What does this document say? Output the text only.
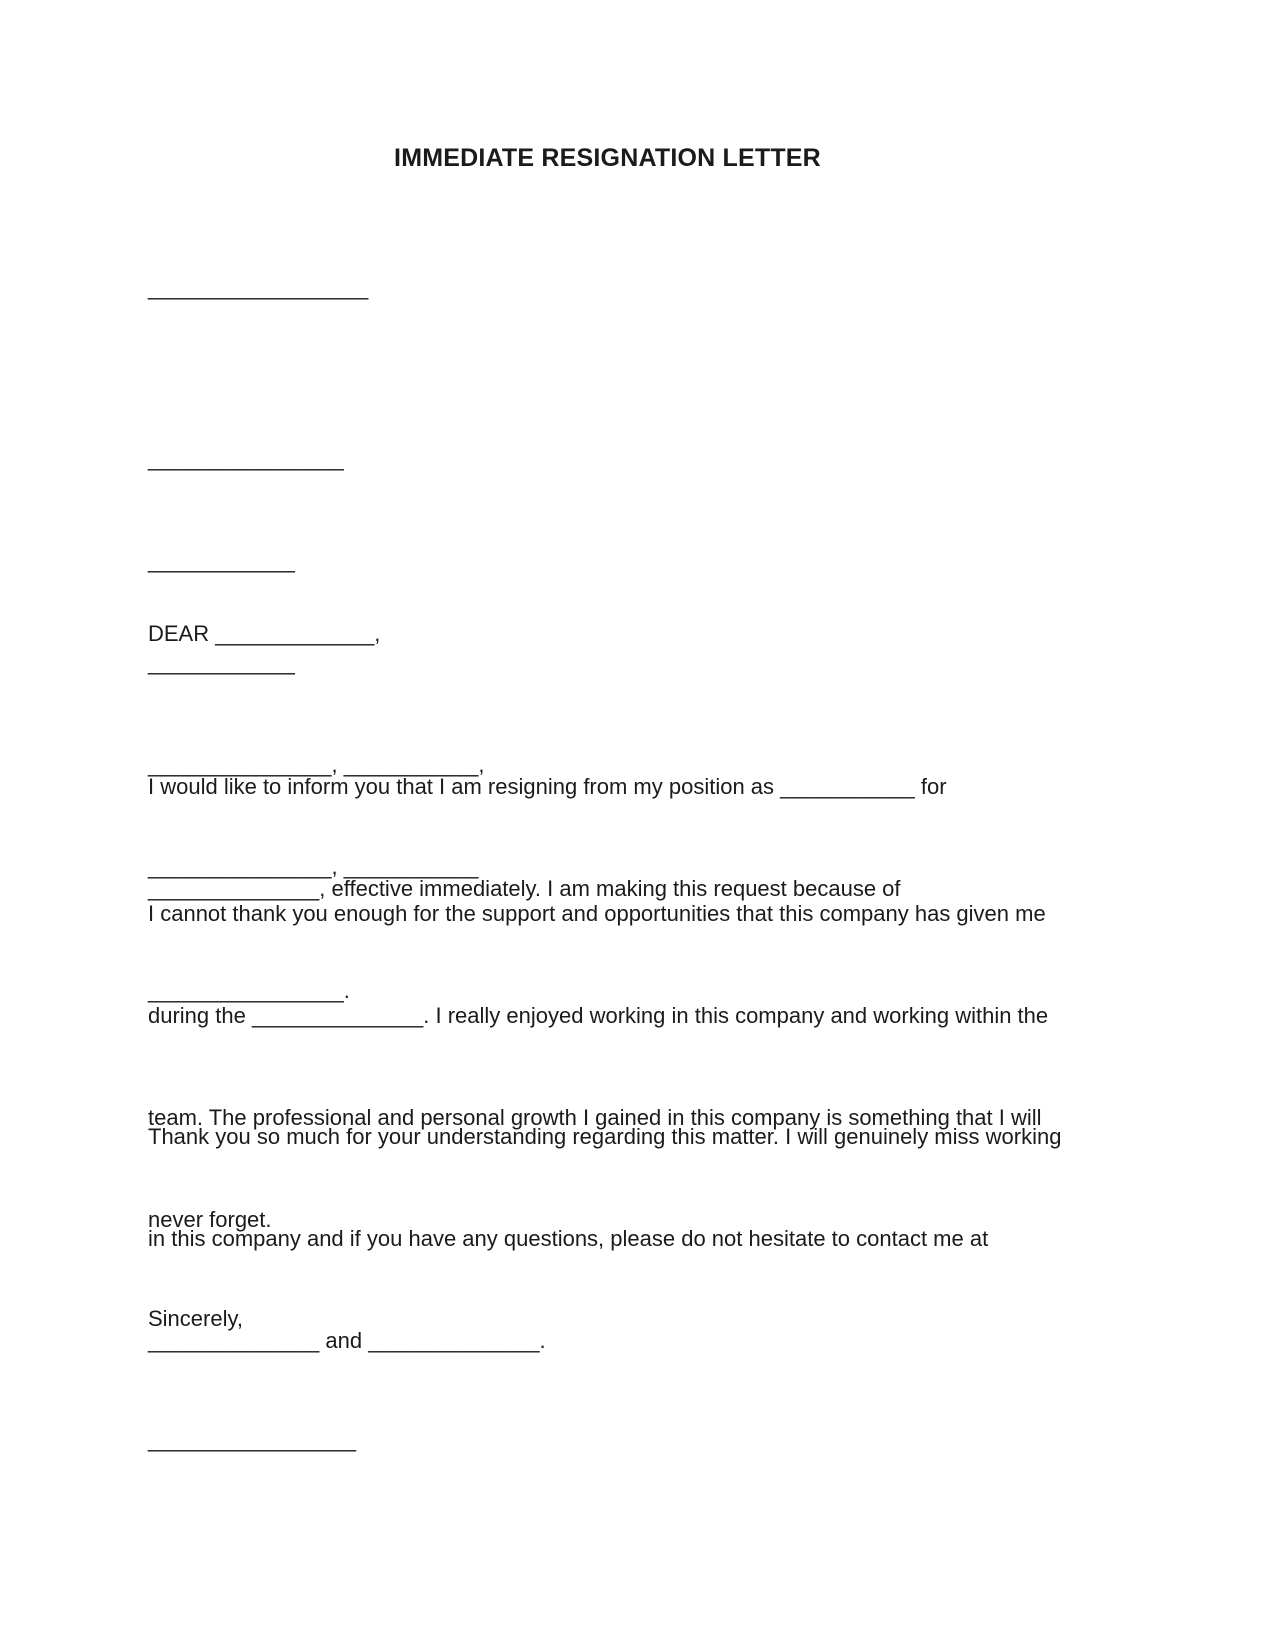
IMMEDIATE RESIGNATION LETTER
__________________

________________

____________

____________

_______________, ___________,

_______________, ___________

DEAR _____________,

I would like to inform you that I am resigning from my position as ___________ for

______________, effective immediately. I am making this request because of

________________.

I cannot thank you enough for the support and opportunities that this company has given me

during the ______________. I really enjoyed working in this company and working within the

team. The professional and personal growth I gained in this company is something that I will

never forget.

Thank you so much for your understanding regarding this matter. I will genuinely miss working

in this company and if you have any questions, please do not hesitate to contact me at

______________ and ______________.

Sincerely,
_________________
